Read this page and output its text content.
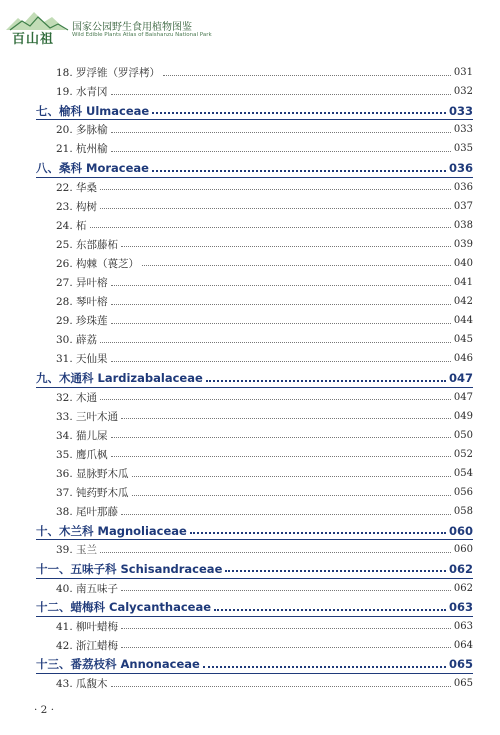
百山祖
国家公园野生食用植物图鉴
Wild Edible Plants Atlas of Baishanzu National Park
18. 罗浮锥（罗浮栲）	031
19. 水青冈	032
七、榆科 Ulmaceae	033
20. 多脉榆	033
21. 杭州榆	035
八、桑科 Moraceae	036
22. 华桑	036
23. 构树	037
24. 柘	038
25. 东部藤柘	039
26. 构棘（葨芝）	040
27. 异叶榕	041
28. 琴叶榕	042
29. 珍珠莲	044
30. 薜荔	045
31. 天仙果	046
九、木通科 Lardizabalaceae	047
32. 木通	047
33. 三叶木通	049
34. 猫儿屎	050
35. 鹰爪枫	052
36. 显脉野木瓜	054
37. 钝药野木瓜	056
38. 尾叶那藤	058
十、木兰科 Magnoliaceae	060
39. 玉兰	060
十一、五味子科 Schisandraceae	062
40. 南五味子	062
十二、蜡梅科 Calycanthaceae	063
41. 柳叶蜡梅	063
42. 浙江蜡梅	064
十三、番荔枝科 Annonaceae	065
43. 瓜馥木	065
· 2 ·
